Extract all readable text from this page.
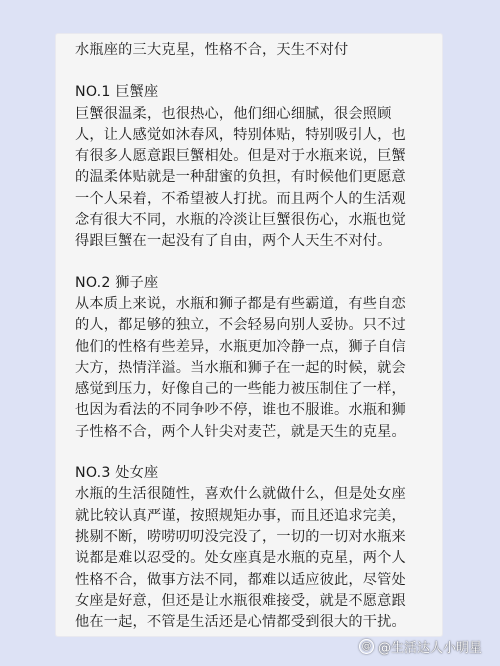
水瓶座的三大克星，性格不合，天生不对付
NO.1 巨蟹座
巨蟹很温柔，也很热心，他们细心细腻，很会照顾
人，让人感觉如沐春风，特别体贴，特别吸引人，也
有很多人愿意跟巨蟹相处。但是对于水瓶来说，巨蟹
的温柔体贴就是一种甜蜜的负担，有时候他们更愿意
一个人呆着，不希望被人打扰。而且两个人的生活观
念有很大不同，水瓶的冷淡让巨蟹很伤心，水瓶也觉
得跟巨蟹在一起没有了自由，两个人天生不对付。
NO.2 狮子座
从本质上来说，水瓶和狮子都是有些霸道，有些自恋
的人，都足够的独立，不会轻易向别人妥协。只不过
他们的性格有些差异，水瓶更加冷静一点，狮子自信
大方，热情洋溢。当水瓶和狮子在一起的时候，就会
感觉到压力，好像自己的一些能力被压制住了一样，
也因为看法的不同争吵不停，谁也不服谁。水瓶和狮
子性格不合，两个人针尖对麦芒，就是天生的克星。
NO.3 处女座
水瓶的生活很随性，喜欢什么就做什么，但是处女座
就比较认真严谨，按照规矩办事，而且还追求完美，
挑剔不断，唠唠叨叨没完没了，一切的一切对水瓶来
说都是难以忍受的。处女座真是水瓶的克星，两个人
性格不合，做事方法不同，都难以适应彼此，尽管处
女座是好意，但还是让水瓶很难接受，就是不愿意跟
他在一起，不管是生活还是心情都受到很大的干扰。
@ @生活达人小明星
